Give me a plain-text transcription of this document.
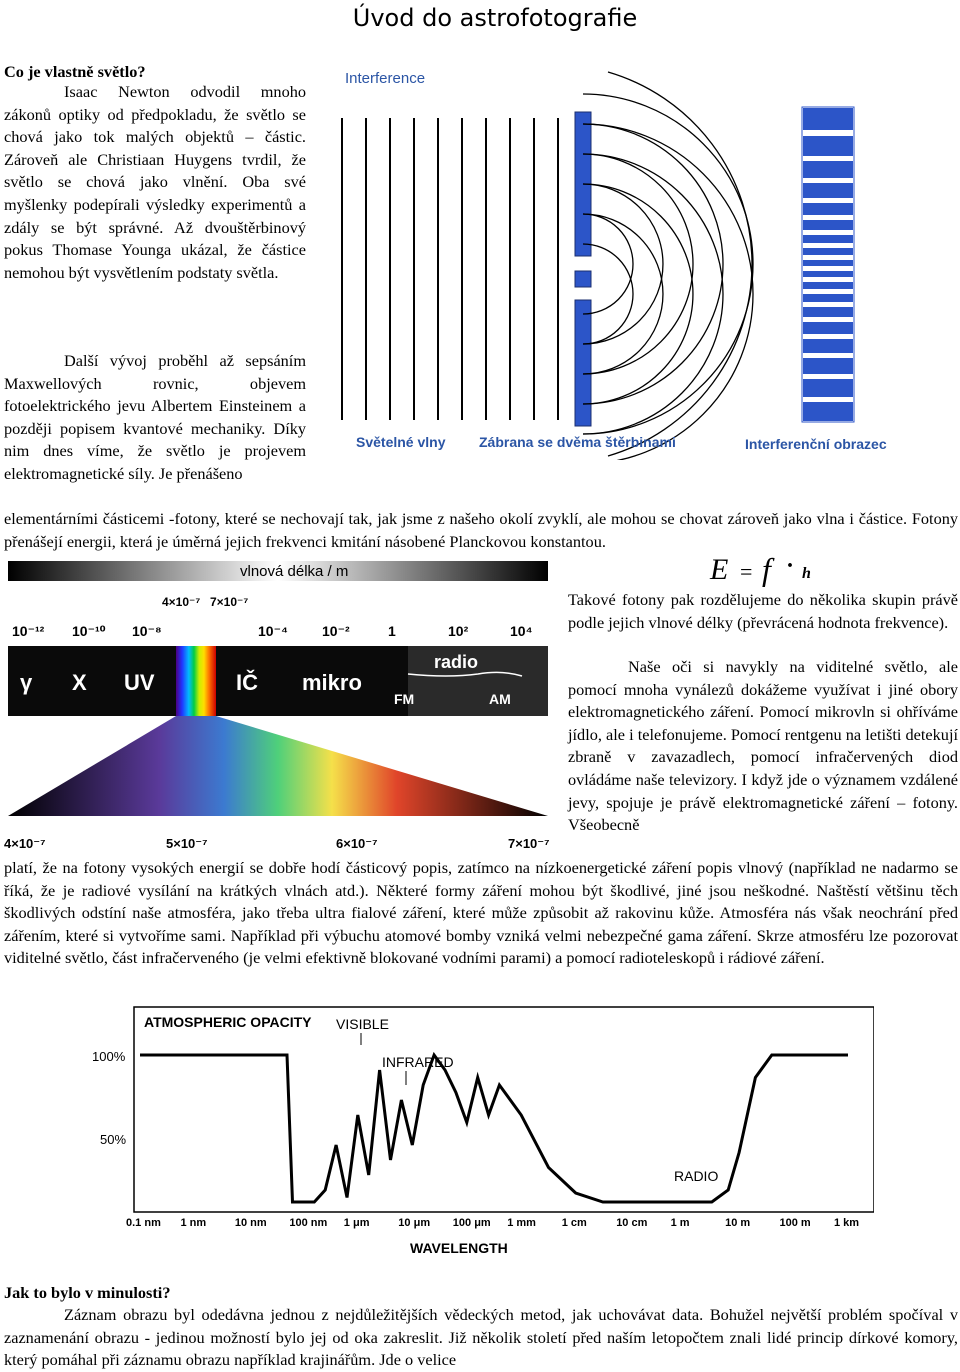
Úvod do astrofotografie
Co je vlastně světlo?
Isaac Newton odvodil mnoho zákonů optiky od předpokladu, že světlo se chová jako tok malých objektů – částic. Zároveň ale Christiaan Huygens tvrdil, že světlo se chová jako vlnění. Oba své myšlenky podepírali výsledky experimentů a zdály se být správné. Až dvouštěrbinový pokus Thomase Younga ukázal, že částice nemohou být vysvětlením podstaty světla.
Další vývoj proběhl až sepsáním Maxwellových rovnic, objevem fotoelektrického jevu Albertem Einsteinem a později popisem kvantové mechaniky. Díky nim dnes víme, že světlo je projevem elektromagnetické síly. Je přenášeno
elementárními částicemi -fotony, které se nechovají tak, jak jsme z našeho okolí zvyklí, ale mohou se chovat zároveň jako vlna i částice. Fotony přenášejí energii, která je úměrná jejich frekvenci kmitání násobené Planckovou konstantou.
Interference
Světelné vlny Zábrana se dvěma štěrbinami	Interferenční obrazec
vlnová délka / m
4×10⁻⁷ 7×10⁻⁷
10⁻¹² 10⁻¹⁰ 10⁻⁸	10⁻⁴ 10⁻²	1	10²	10⁴
γ X UV	IČ mikro
radio
FM	AM
4×10⁻⁷	5×10⁻⁷	6×10⁻⁷	7×10⁻⁷
E = f · h
Takové fotony pak rozdělujeme do několika skupin právě podle jejich vlnové délky (převrácená hodnota frekvence).
Naše oči si navykly na viditelné světlo, ale pomocí mnoha vynálezů dokážeme využívat i jiné obory elektromagnetického záření. Pomocí mikrovln si ohříváme jídlo, ale i telefonujeme. Pomocí rentgenu na letišti detekují zbraně v zavazadlech, pomocí infračervených diod ovládáme naše televizory. I když jde o významem vzdálené jevy, spojuje je právě elektromagnetické záření – fotony. Všeobecně
platí, že na fotony vysokých energií se dobře hodí částicový popis, zatímco na nízkoenergetické záření popis vlnový (například ne nadarmo se říká, že je radiové vysílání na krátkých vlnách atd.). Některé formy záření mohou být škodlivé, jiné jsou neškodné. Naštěstí většinu těch škodlivých odstíní naše atmosféra, jako třeba ultra fialové záření, které může způsobit až rakovinu kůže. Atmosféra nás však neochrání před zářením, které si vytvoříme sami. Například při výbuchu atomové bomby vzniká velmi nebezpečné gama záření. Skrze atmosféru lze pozorovat viditelné světlo, část infračerveného (je velmi efektivně blokované vodními parami) a pomocí radioteleskopů i rádiové záření.
ATMOSPHERIC OPACITY
100%
50%
VISIBLE
INFRARED
RADIO
WAVELENGTH
0.1 nm 1 nm	10 nm 100 nm 1 μm	10 μm 100 μm 1 mm 1 cm	10 cm 1 m	10 m	100 m 1 km
Jak to bylo v minulosti?
Záznam obrazu byl odedávna jednou z nejdůležitějších vědeckých metod, jak uchovávat data. Bohužel největší problém spočíval v zaznamenání obrazu - jedinou možností bylo jej od oka zakreslit. Již několik století před naším letopočtem znali lidé princip dírkové komory, který pomáhal při záznamu obrazu například krajinářům. Jde o velice
